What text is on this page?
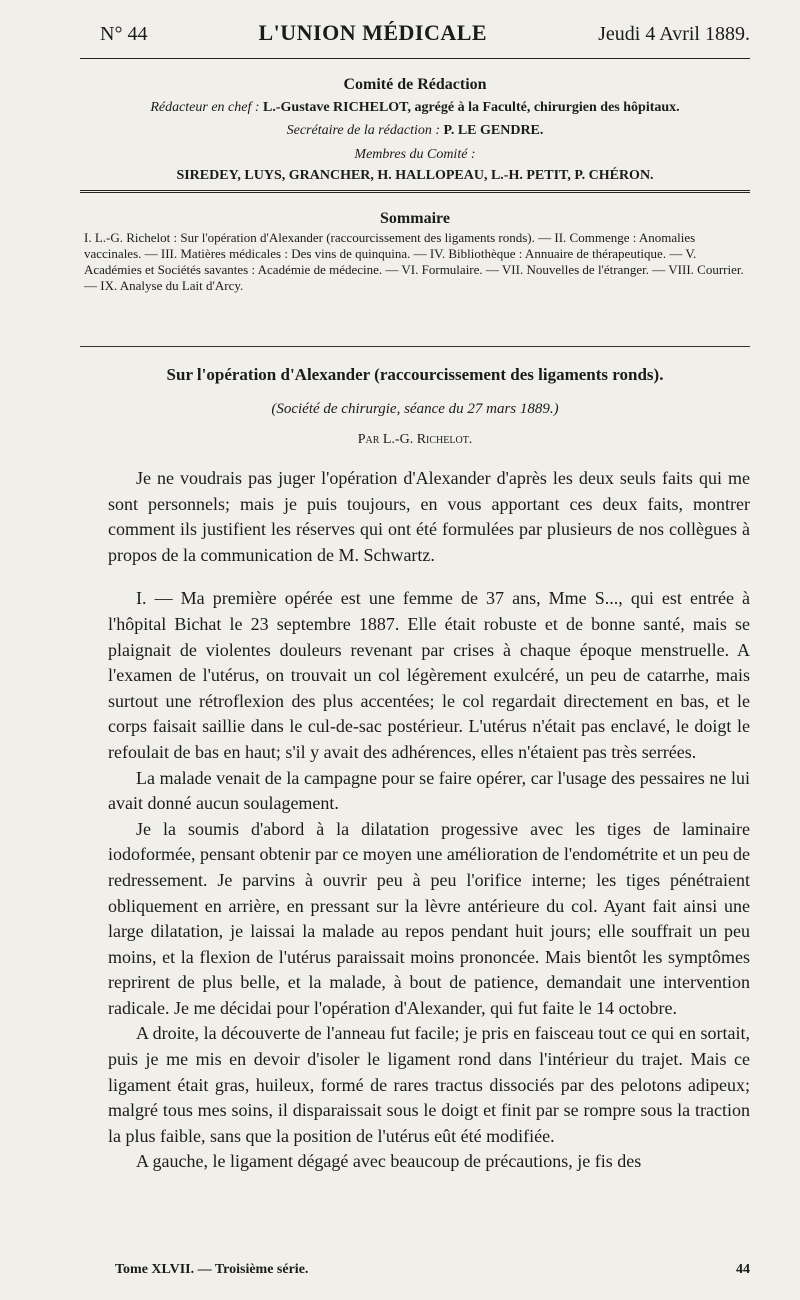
N° 44	L'UNION MÉDICALE	Jeudi 4 Avril 1889.
Comité de Rédaction
Rédacteur en chef : L.-Gustave RICHELOT, agrégé à la Faculté, chirurgien des hôpitaux.
Secrétaire de la rédaction : P. LE GENDRE.
Membres du Comité :
SIREDEY, LUYS, GRANCHER, H. HALLOPEAU, L.-H. PETIT, P. CHÉRON.
Sommaire
I. L.-G. Richelot : Sur l'opération d'Alexander (raccourcissement des ligaments ronds). — II. Commenge : Anomalies vaccinales. — III. Matières médicales : Des vins de quinquina. — IV. Bibliothèque : Annuaire de thérapeutique. — V. Académies et Sociétés savantes : Académie de médecine. — VI. Formulaire. — VII. Nouvelles de l'étranger. — VIII. Courrier. — IX. Analyse du Lait d'Arcy.
Sur l'opération d'Alexander (raccourcissement des ligaments ronds).
(Société de chirurgie, séance du 27 mars 1889.)
Par L.-G. Richelot.

Je ne voudrais pas juger l'opération d'Alexander d'après les deux seuls faits qui me sont personnels; mais je puis toujours, en vous apportant ces deux faits, montrer comment ils justifient les réserves qui ont été formulées par plusieurs de nos collègues à propos de la communication de M. Schwartz.

I. — Ma première opérée est une femme de 37 ans, Mme S..., qui est entrée à l'hôpital Bichat le 23 septembre 1887. Elle était robuste et de bonne santé, mais se plaignait de violentes douleurs revenant par crises à chaque époque menstruelle. A l'examen de l'utérus, on trouvait un col légèrement exulcéré, un peu de catarrhe, mais surtout une rétroflexion des plus accentées; le col regardait directement en bas, et le corps faisait saillie dans le cul-de-sac postérieur. L'utérus n'était pas enclavé, le doigt le refoulait de bas en haut; s'il y avait des adhérences, elles n'étaient pas très serrées.

La malade venait de la campagne pour se faire opérer, car l'usage des pessaires ne lui avait donné aucun soulagement.

Je la soumis d'abord à la dilatation progessive avec les tiges de laminaire iodoformée, pensant obtenir par ce moyen une amélioration de l'endométrite et un peu de redressement. Je parvins à ouvrir peu à peu l'orifice interne; les tiges pénétraient obliquement en arrière, en pressant sur la lèvre antérieure du col. Ayant fait ainsi une large dilatation, je laissai la malade au repos pendant huit jours; elle souffrait un peu moins, et la flexion de l'utérus paraissait moins prononcée. Mais bientôt les symptômes reprirent de plus belle, et la malade, à bout de patience, demandait une intervention radicale. Je me décidai pour l'opération d'Alexander, qui fut faite le 14 octobre.

A droite, la découverte de l'anneau fut facile; je pris en faisceau tout ce qui en sortait, puis je me mis en devoir d'isoler le ligament rond dans l'intérieur du trajet. Mais ce ligament était gras, huileux, formé de rares tractus dissociés par des pelotons adipeux; malgré tous mes soins, il disparaissait sous le doigt et finit par se rompre sous la traction la plus faible, sans que la position de l'utérus eût été modifiée.

A gauche, le ligament dégagé avec beaucoup de précautions, je fis des

Tome XLVII. — Troisième série.	44
